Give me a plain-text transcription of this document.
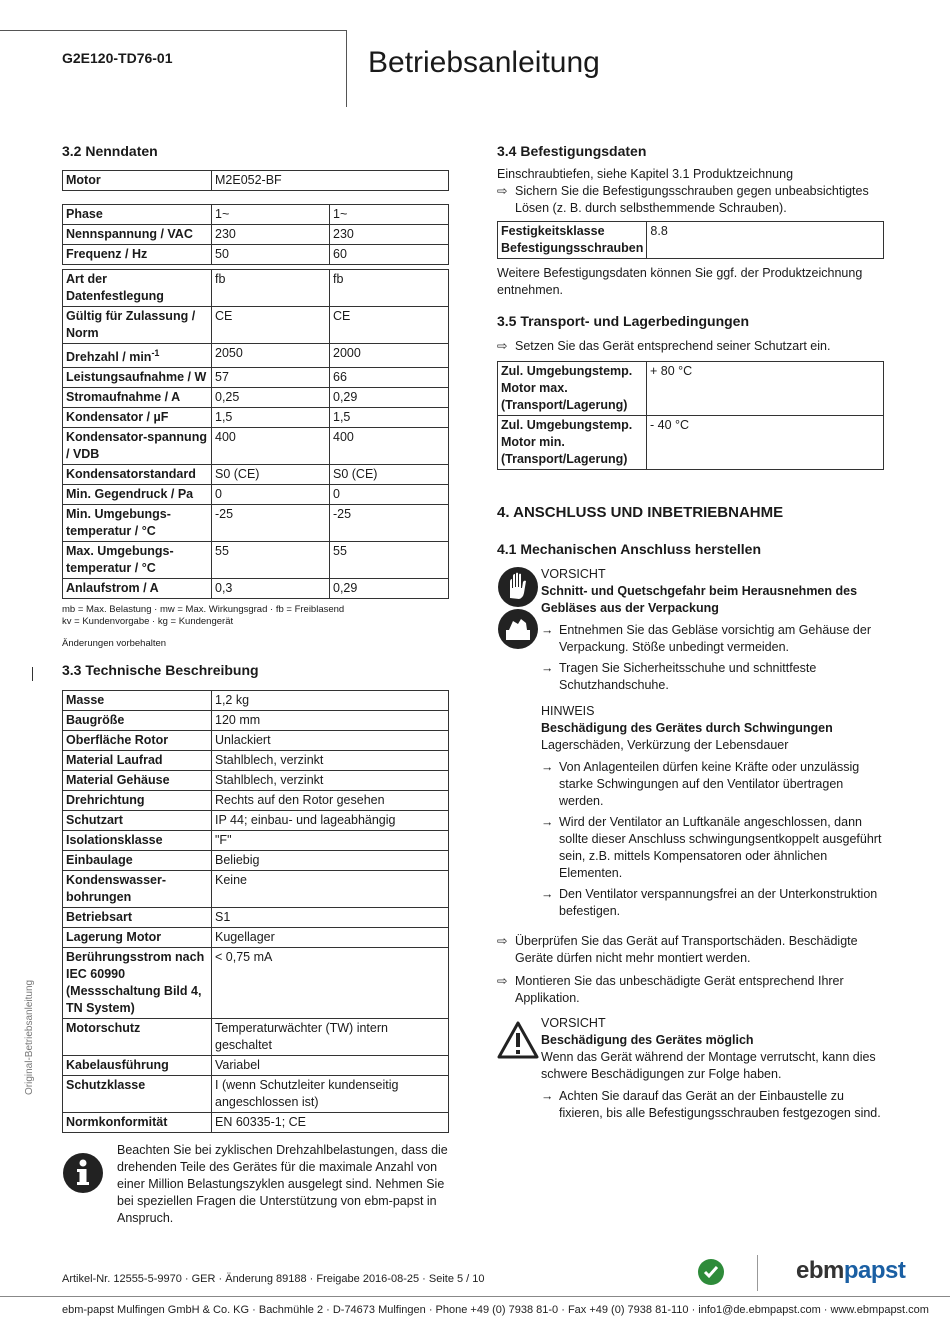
G2E120-TD76-01	Betriebsanleitung
Original-Betriebsanleitung
3.2 Nenndaten
Motor	M2E052-BF
Phase	1~	1~
Nennspannung / VAC	230	230
Frequenz / Hz	50	60
Art der Datenfestlegung	fb	fb
Gültig für Zulassung / Norm	CE	CE
Drehzahl / $\min^{-1}$	2050	2000
Leistungsaufnahme / W	57	66
Stromaufnahme / A	0,25	0,29
Kondensator / µF	1,5	1,5
Kondensator-spannung / VDB	400	400
Kondensatorstandard	S0 (CE)	S0 (CE)
Min. Gegendruck / Pa	0	0
Min. Umgebungs-temperatur / °C	-25	-25
Max. Umgebungs-temperatur / °C	55	55
Anlaufstrom / A	0,3	0,29
mb = Max. Belastung · mw = Max. Wirkungsgrad · fb = Freiblasend
kv = Kundenvorgabe · kg = Kundengerät
Änderungen vorbehalten
3.3 Technische Beschreibung
Masse	1,2 kg
Baugröße	120 mm
Oberfläche Rotor	Unlackiert
Material Laufrad	Stahlblech, verzinkt
Material Gehäuse	Stahlblech, verzinkt
Drehrichtung	Rechts auf den Rotor gesehen
Schutzart	IP 44; einbau- und lageabhängig
Isolationsklasse	"F"
Einbaulage	Beliebig
Kondenswasser-bohrungen	Keine
Betriebsart	S1
Lagerung Motor	Kugellager
Berührungsstrom nach IEC 60990 (Messschaltung Bild 4, TN System)	< 0,75 mA
Motorschutz	Temperaturwächter (TW) intern geschaltet
Kabelausführung	Variabel
Schutzklasse	I (wenn Schutzleiter kundenseitig angeschlossen ist)
Normkonformität	EN 60335-1; CE
Beachten Sie bei zyklischen Drehzahlbelastungen, dass die drehenden Teile des Gerätes für die maximale Anzahl von einer Million Belastungszyklen ausgelegt sind. Nehmen Sie bei speziellen Fragen die Unterstützung von ebm-papst in Anspruch.
3.4 Befestigungsdaten
Einschraubtiefen, siehe Kapitel 3.1 Produktzeichnung
⇨ Sichern Sie die Befestigungsschrauben gegen unbeabsichtigtes Lösen (z. B. durch selbsthemmende Schrauben).
Festigkeitsklasse Befestigungsschrauben	8.8
Weitere Befestigungsdaten können Sie ggf. der Produktzeichnung entnehmen.
3.5 Transport- und Lagerbedingungen
⇨ Setzen Sie das Gerät entsprechend seiner Schutzart ein.
Zul. Umgebungstemp. Motor max. (Transport/Lagerung)	+ 80 °C
Zul. Umgebungstemp. Motor min. (Transport/Lagerung)	- 40 °C
4. ANSCHLUSS UND INBETRIEBNAHME
4.1 Mechanischen Anschluss herstellen
VORSICHT
Schnitt- und Quetschgefahr beim Herausnehmen des Gebläses aus der Verpackung
→ Entnehmen Sie das Gebläse vorsichtig am Gehäuse der Verpackung. Stöße unbedingt vermeiden.
→ Tragen Sie Sicherheitsschuhe und schnittfeste Schutzhandschuhe.
HINWEIS
Beschädigung des Gerätes durch Schwingungen
Lagerschäden, Verkürzung der Lebensdauer
→ Von Anlagenteilen dürfen keine Kräfte oder unzulässig starke Schwingungen auf den Ventilator übertragen werden.
→ Wird der Ventilator an Luftkanäle angeschlossen, dann sollte dieser Anschluss schwingungsentkoppelt ausgeführt sein, z.B. mittels Kompensatoren oder ähnlichen Elementen.
→ Den Ventilator verspannungsfrei an der Unterkonstruktion befestigen.
⇨ Überprüfen Sie das Gerät auf Transportschäden. Beschädigte Geräte dürfen nicht mehr montiert werden.
⇨ Montieren Sie das unbeschädigte Gerät entsprechend Ihrer Applikation.
VORSICHT
Beschädigung des Gerätes möglich
Wenn das Gerät während der Montage verrutscht, kann dies schwere Beschädigungen zur Folge haben.
→ Achten Sie darauf das Gerät an der Einbaustelle zu fixieren, bis alle Befestigungsschrauben festgezogen sind.
Artikel-Nr. 12555-5-9970 · GER · Änderung 89188 · Freigabe 2016-08-25 · Seite 5 / 10	ebmpapst
ebm-papst Mulfingen GmbH & Co. KG · Bachmühle 2 · D-74673 Mulfingen · Phone +49 (0) 7938 81-0 · Fax +49 (0) 7938 81-110 · info1@de.ebmpapst.com · www.ebmpapst.com
